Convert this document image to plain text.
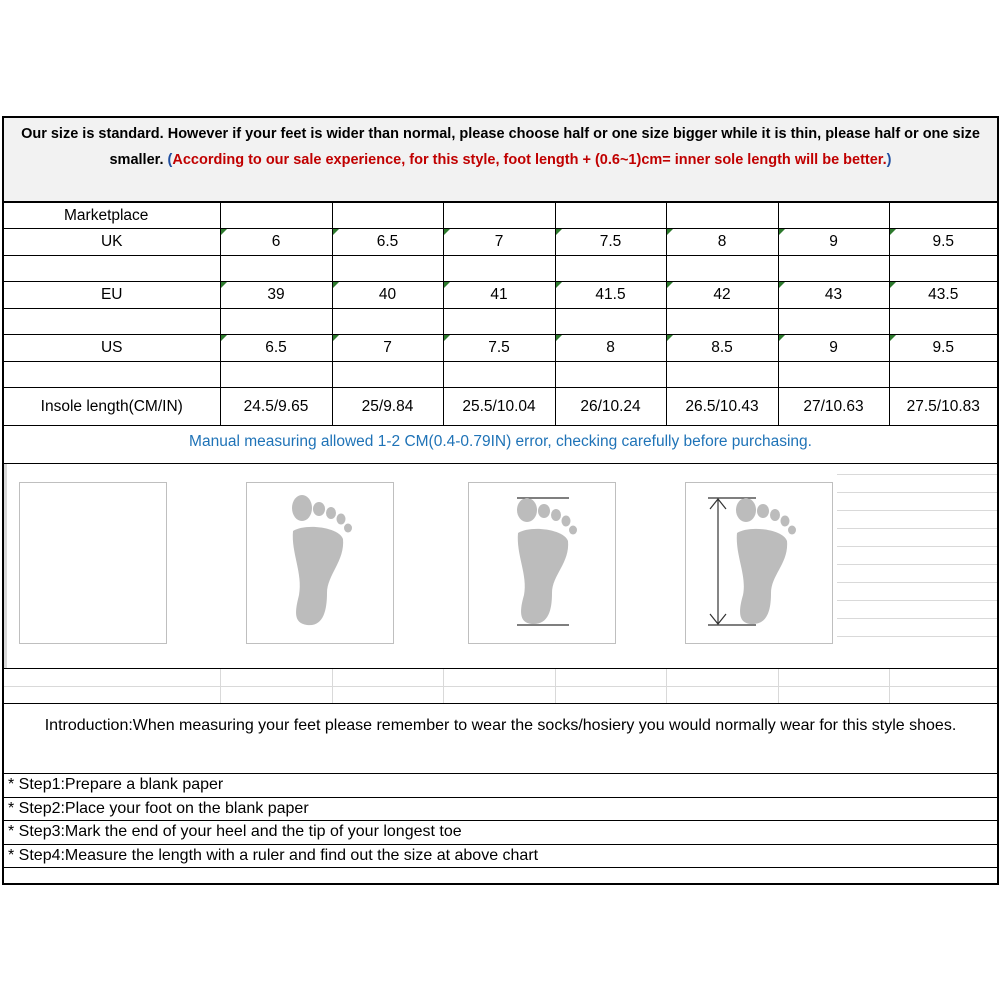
Our size is standard. However if your feet is wider than normal, please choose half or one size bigger while it is thin, please half or one size smaller. (According to our sale experience, for this style, foot length + (0.6~1)cm= inner sole length will be better.)
Marketplace							
UK	6	6.5	7	7.5	8	9	9.5

EU	39	40	41	41.5	42	43	43.5

US	6.5	7	7.5	8	8.5	9	9.5

Insole length(CM/IN)	24.5/9.65	25/9.84	25.5/10.04	26/10.24	26.5/10.43	27/10.63	27.5/10.83
Manual measuring allowed 1-2 CM(0.4-0.79IN) error, checking carefully before purchasing.
Introduction:When measuring your feet please remember to wear the socks/hosiery you would normally wear for this style shoes.
* Step1:Prepare a blank paper
* Step2:Place your foot on the blank paper
* Step3:Mark the end of your heel and the tip of your longest toe
* Step4:Measure the length with a ruler and find out the size at above chart
